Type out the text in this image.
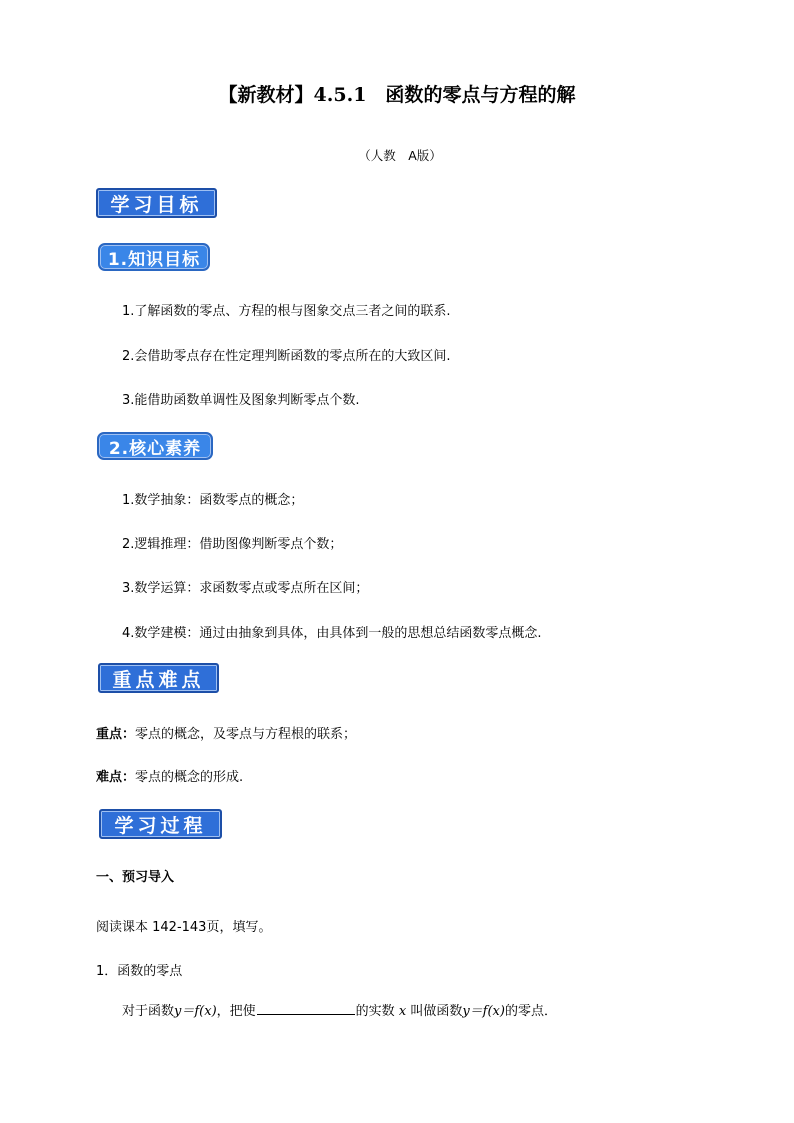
【新教材】4.5.1　函数的零点与方程的解
（人教　A版）
学习目标
1.知识目标
1.了解函数的零点、方程的根与图象交点三者之间的联系.
2.会借助零点存在性定理判断函数的零点所在的大致区间.
3.能借助函数单调性及图象判断零点个数.
2.核心素养
1.数学抽象：函数零点的概念；
2.逻辑推理：借助图像判断零点个数；
3.数学运算：求函数零点或零点所在区间；
4.数学建模：通过由抽象到具体，由具体到一般的思想总结函数零点概念.
重点难点
重点：零点的概念，及零点与方程根的联系；
难点：零点的概念的形成.
学习过程
一、预习导入
阅读课本 142-143页，填写。
1．函数的零点
对于函数y＝f(x)，把使	的实数 x 叫做函数y＝f(x)的零点．
